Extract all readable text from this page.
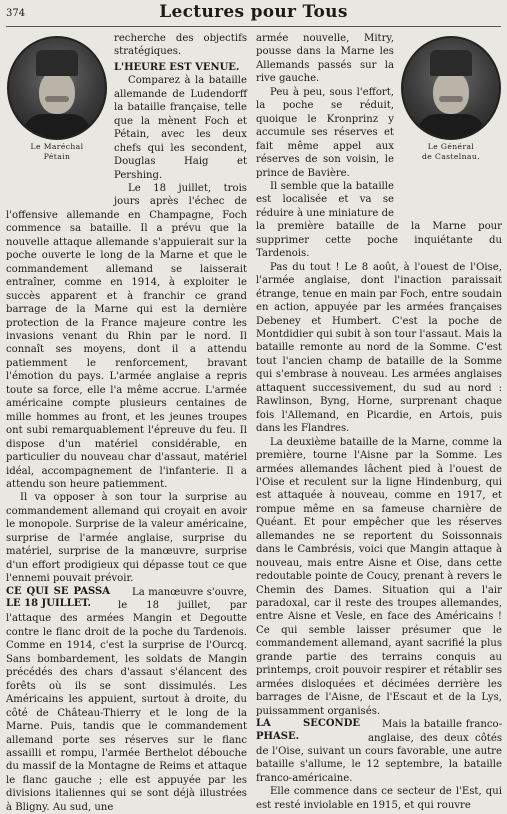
374	Lectures pour Tous
Le Maréchal
Pétain

recherche des objectifs stratégiques.

L'HEURE EST VENUE.

Comparez à la bataille allemande de Ludendorff la bataille française, telle que la mènent Foch et Pétain, avec les deux chefs qui les secondent, Douglas Haig et Pershing.

Le 18 juillet, trois jours après l'échec de l'offensive allemande en Champagne, Foch commence sa bataille. Il a prévu que la nouvelle attaque allemande s'appuierait sur la poche ouverte le long de la Marne et que le commandement allemand se laisserait entraîner, comme en 1914, à exploiter le succès apparent et à franchir ce grand barrage de la Marne qui est la dernière protection de la France majeure contre les invasions venant du Rhin par le nord. Il connaît ses moyens, dont il a attendu patiemment le renforcement, bravant l'émotion du pays. L'armée anglaise a repris toute sa force, elle l'a même accrue. L'armée américaine compte plusieurs centaines de mille hommes au front, et les jeunes troupes ont subi remarquablement l'épreuve du feu. Il dispose d'un matériel considérable, en particulier du nouveau char d'assaut, matériel idéal, accompagnement de l'infanterie. Il a attendu son heure patiemment.

Il va opposer à son tour la surprise au commandement allemand qui croyait en avoir le monopole. Surprise de la valeur américaine, surprise de l'armée anglaise, surprise du matériel, surprise de la manœuvre, surprise d'un effort prodigieux qui dépasse tout ce que l'ennemi pouvait prévoir.

CE QUI SE PASSA LE 18 JUILLET.

La manœuvre s'ouvre, le 18 juillet, par l'attaque des armées Mangin et Degoutte contre le flanc droit de la poche du Tardenois. Comme en 1914, c'est la surprise de l'Ourcq. Sans bombardement, les soldats de Mangin précédés des chars d'assaut s'élancent des forêts où ils se sont dissimulés. Les Américains les appuient, surtout à droite, du côté de Château-Thierry et le long de la Marne. Puis, tandis que le commandement allemand porte ses réserves sur le flanc assailli et rompu, l'armée Berthelot débouche du massif de la Montagne de Reims et attaque le flanc gauche ; elle est appuyée par les divisions italiennes qui se sont déjà illustrées à Bligny. Au sud, une

Le Général
de Castelnau.

armée nouvelle, Mitry, pousse dans la Marne les Allemands passés sur la rive gauche.

Peu à peu, sous l'effort, la poche se réduit, quoique le Kronprinz y accumule ses réserves et fait même appel aux réserves de son voisin, le prince de Bavière.

Il semble que la bataille est localisée et va se réduire à une miniature de la première bataille de la Marne pour supprimer cette poche inquiétante du Tardenois.

Pas du tout ! Le 8 août, à l'ouest de l'Oise, l'armée anglaise, dont l'inaction paraissait étrange, tenue en main par Foch, entre soudain en action, appuyée par les armées françaises Debeney et Humbert. C'est la poche de Montdidier qui subit à son tour l'assaut. Mais la bataille remonte au nord de la Somme. C'est tout l'ancien champ de bataille de la Somme qui s'embrase à nouveau. Les armées anglaises attaquent successivement, du sud au nord : Rawlinson, Byng, Horne, surprenant chaque fois l'Allemand, en Picardie, en Artois, puis dans les Flandres.

La deuxième bataille de la Marne, comme la première, tourne l'Aisne par la Somme. Les armées allemandes lâchent pied à l'ouest de l'Oise et reculent sur la ligne Hindenburg, qui est attaquée à nouveau, comme en 1917, et rompue même en sa fameuse charnière de Quéant. Et pour empêcher que les réserves allemandes ne se reportent du Soissonnais dans le Cambrésis, voici que Mangin attaque à nouveau, mais entre Aisne et Oise, dans cette redoutable pointe de Coucy, prenant à revers le Chemin des Dames. Situation qui a l'air paradoxal, car il reste des troupes allemandes, entre Aisne et Vesle, en face des Américains ! Ce qui semble laisser présumer que le commandement allemand, ayant sacrifié la plus grande partie des terrains conquis au printemps, croit pouvoir respirer et rétablir ses armées disloquées et décimées derrière les barrages de l'Aisne, de l'Escaut et de la Lys, puissamment organisés.

LA SECONDE PHASE.

Mais la bataille franco-anglaise, des deux côtés de l'Oise, suivant un cours favorable, une autre bataille s'allume, le 12 septembre, la bataille franco-américaine.

Elle commence dans ce secteur de l'Est, qui est resté inviolable en 1915, et qui rouvre
